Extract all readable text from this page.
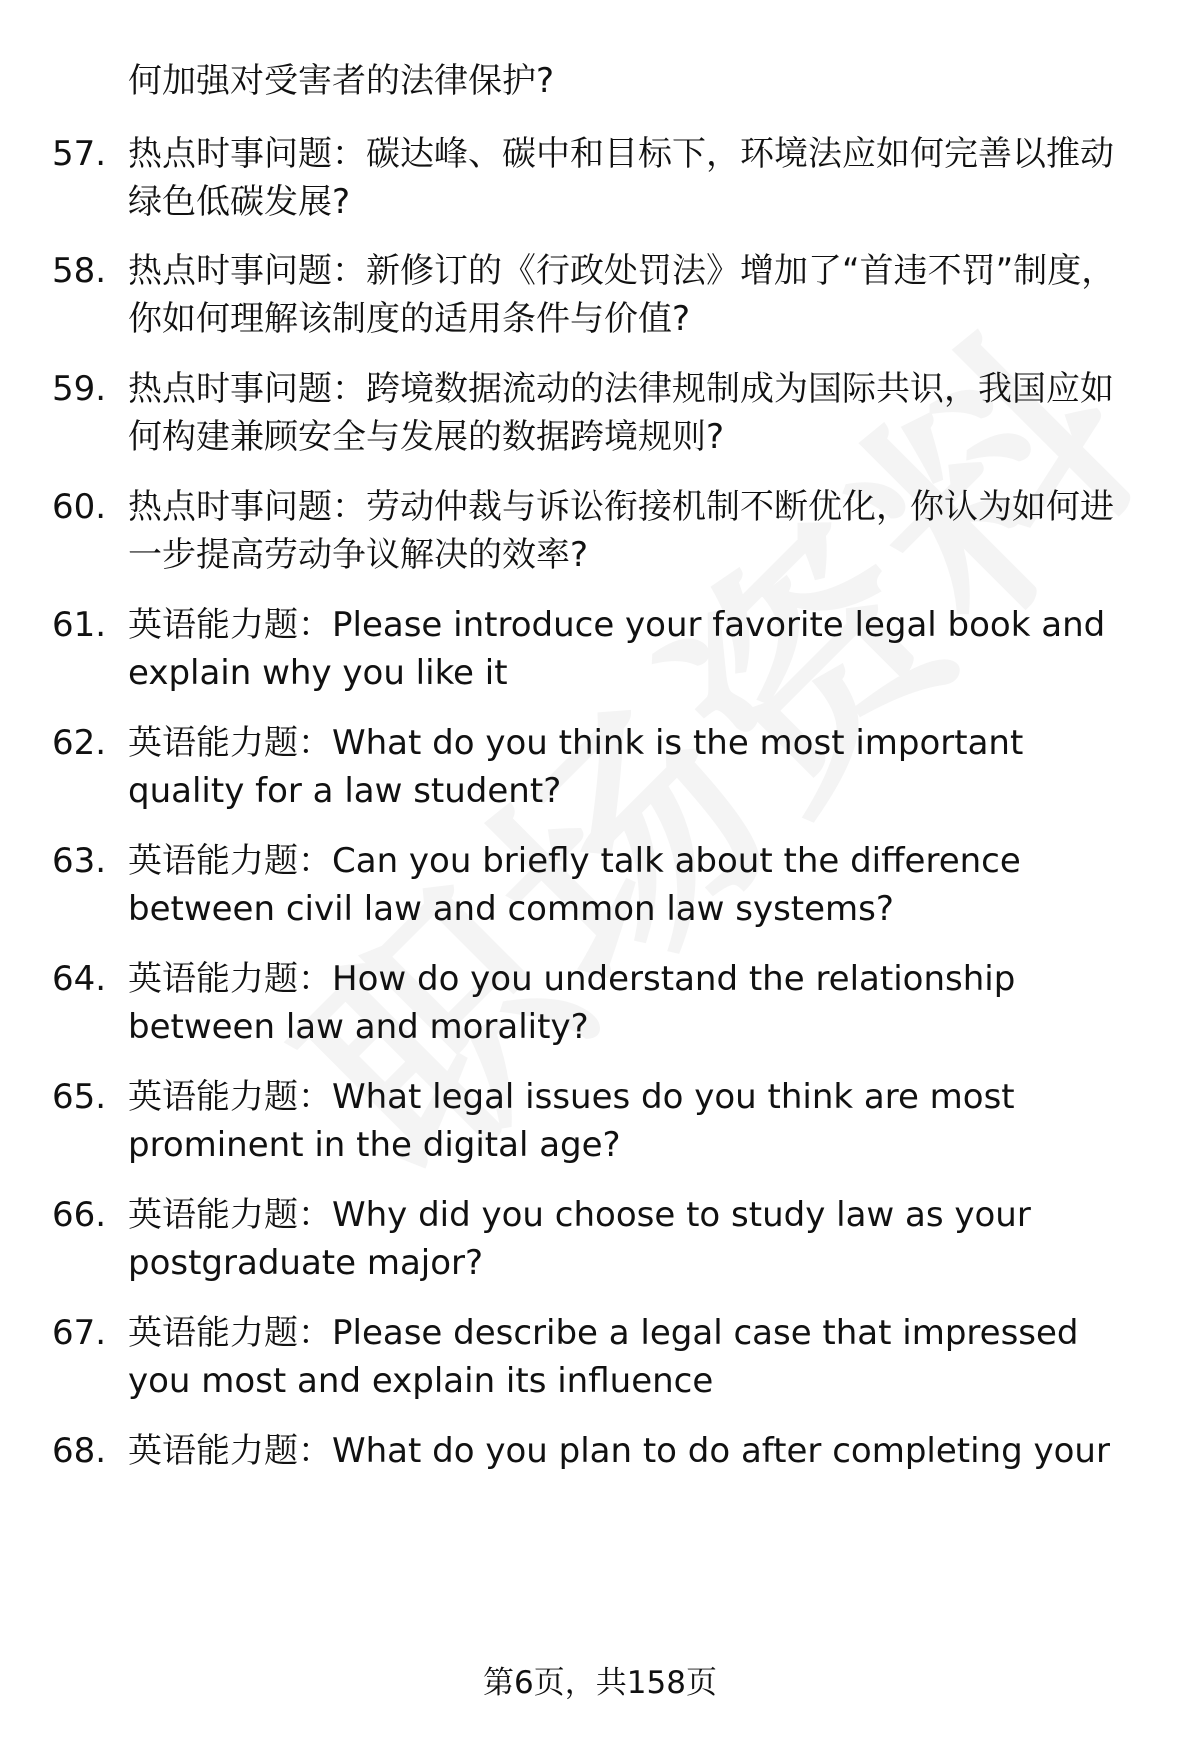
何加强对受害者的法律保护?
57. 热点时事问题：碳达峰、碳中和目标下，环境法应如何完善以推动绿色低碳发展?
58. 热点时事问题：新修订的《行政处罚法》增加了“首违不罚”制度，你如何理解该制度的适用条件与价值?
59. 热点时事问题：跨境数据流动的法律规制成为国际共识，我国应如何构建兼顾安全与发展的数据跨境规则?
60. 热点时事问题：劳动仲裁与诉讼衔接机制不断优化，你认为如何进一步提高劳动争议解决的效率?
61. 英语能力题：Please introduce your favorite legal book and explain why you like it
62. 英语能力题：What do you think is the most important quality for a law student?
63. 英语能力题：Can you briefly talk about the difference between civil law and common law systems?
64. 英语能力题：How do you understand the relationship between law and morality?
65. 英语能力题：What legal issues do you think are most prominent in the digital age?
66. 英语能力题：Why did you choose to study law as your postgraduate major?
67. 英语能力题：Please describe a legal case that impressed you most and explain its influence
68. 英语能力题：What do you plan to do after completing your
第6页，共158页
